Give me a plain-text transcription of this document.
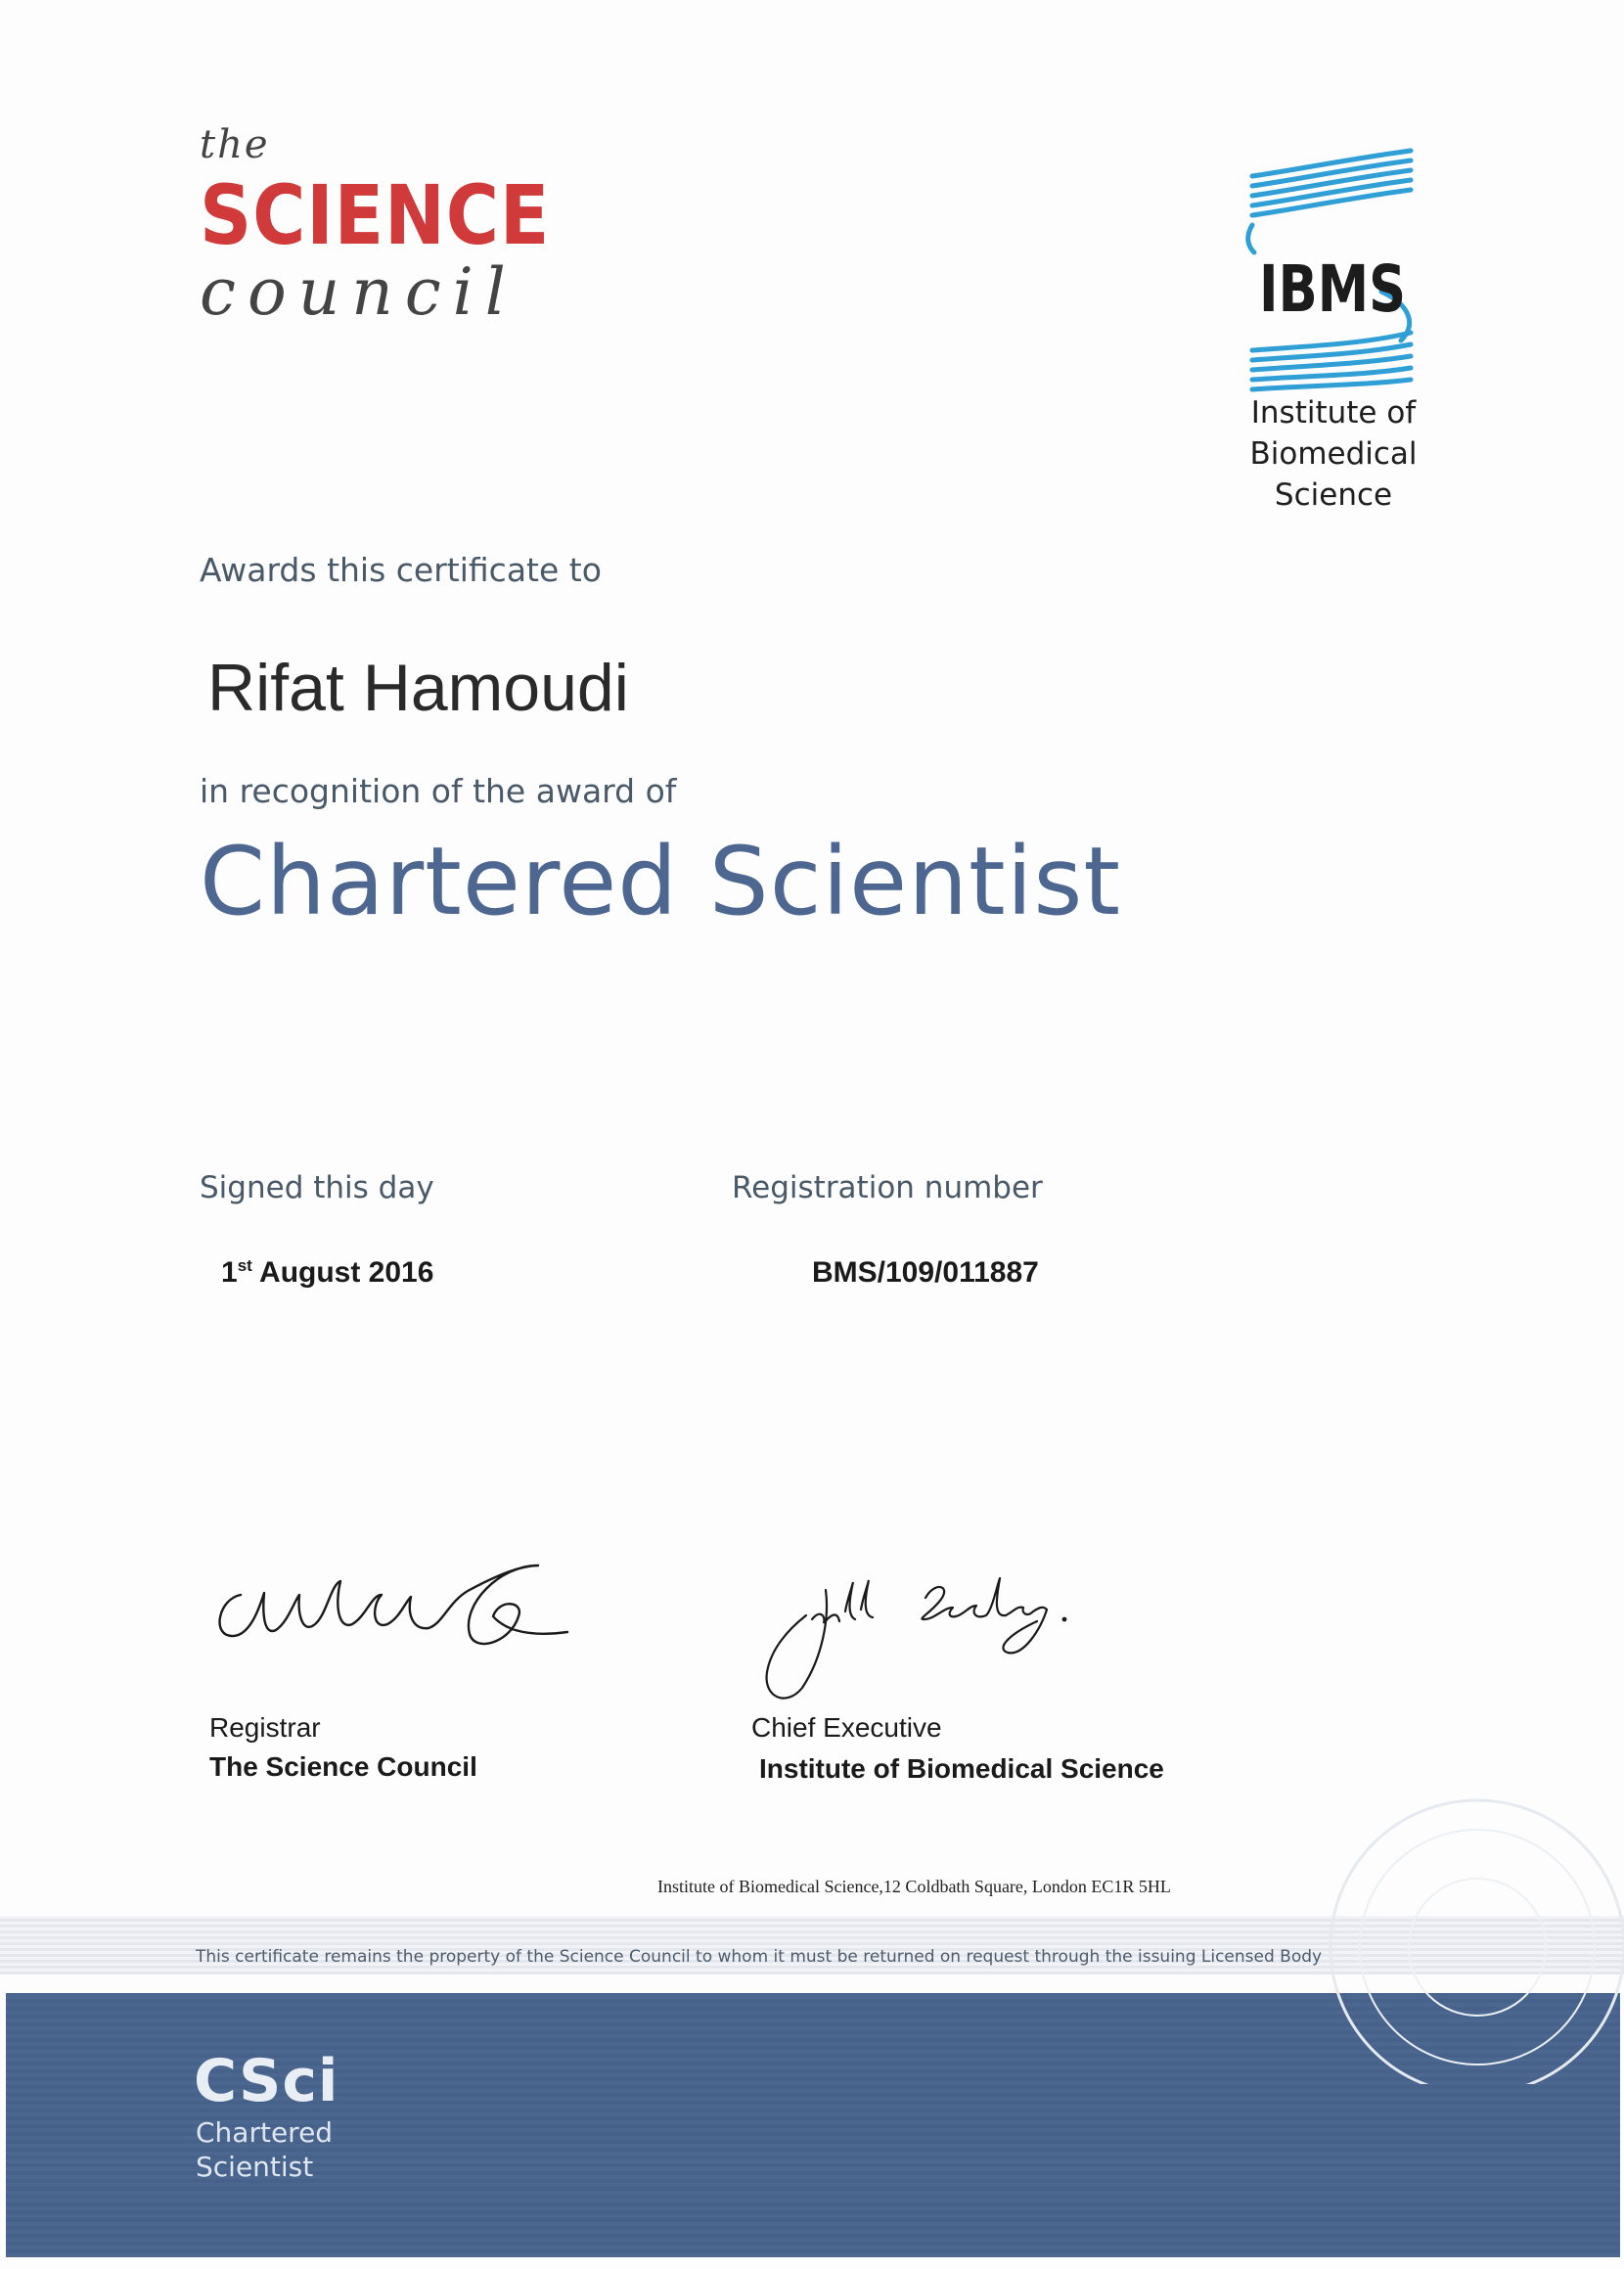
the
SCIENCE
council	IBMS
Institute of
Biomedical
Science
Awards this certificate to
Rifat Hamoudi
in recognition of the award of
Chartered Scientist
Signed this day	Registration number
1st August 2016	BMS/109/011887
Registrar
The Science Council
Chief Executive
Institute of Biomedical Science
Institute of Biomedical Science,12 Coldbath Square, London EC1R 5HL
This certificate remains the property of the Science Council to whom it must be returned on request through the issuing Licensed Body
CSci
Chartered
Scientist
